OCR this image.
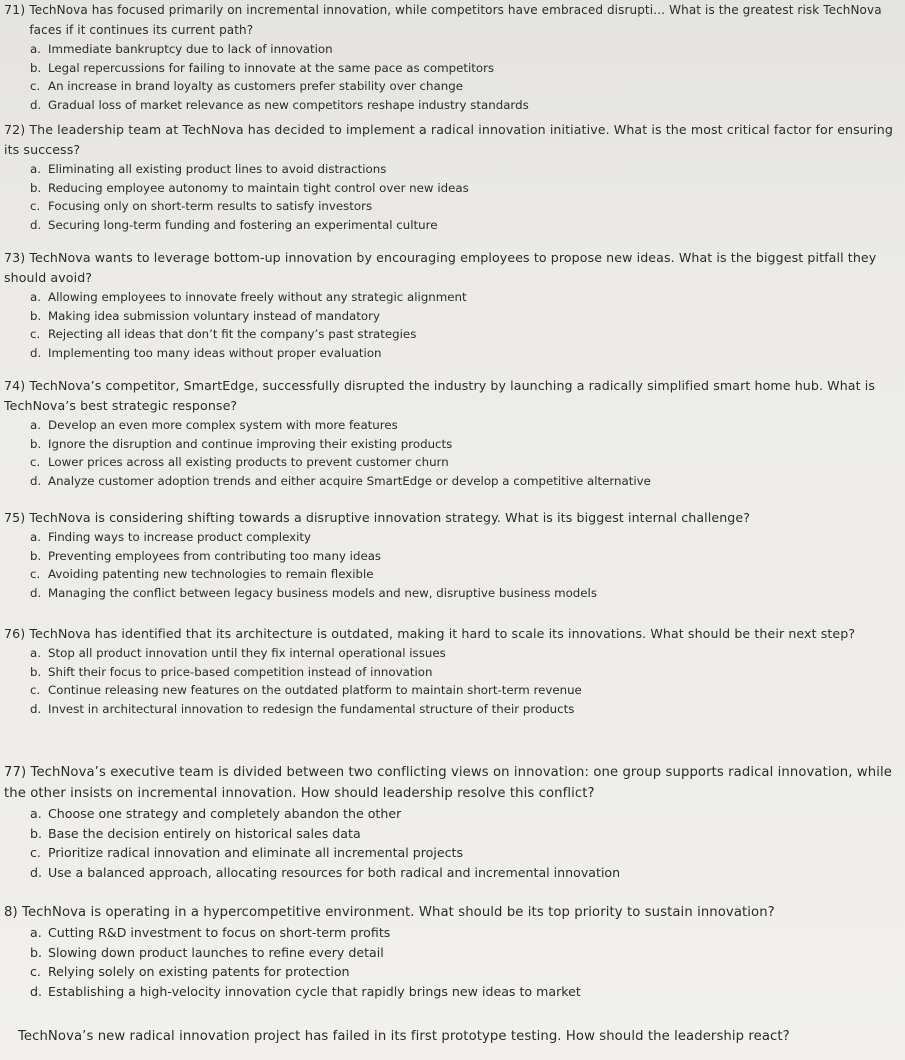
71) TechNova has focused primarily on incremental innovation, while competitors have embraced disrupti… What is the greatest risk TechNova faces if it continues its current path?
a. Immediate bankruptcy due to lack of innovation
b. Legal repercussions for failing to innovate at the same pace as competitors
c. An increase in brand loyalty as customers prefer stability over change
d. Gradual loss of market relevance as new competitors reshape industry standards
72) The leadership team at TechNova has decided to implement a radical innovation initiative. What is the most critical factor for ensuring its success?
a. Eliminating all existing product lines to avoid distractions
b. Reducing employee autonomy to maintain tight control over new ideas
c. Focusing only on short-term results to satisfy investors
d. Securing long-term funding and fostering an experimental culture
73) TechNova wants to leverage bottom-up innovation by encouraging employees to propose new ideas. What is the biggest pitfall they should avoid?
a. Allowing employees to innovate freely without any strategic alignment
b. Making idea submission voluntary instead of mandatory
c. Rejecting all ideas that don’t fit the company’s past strategies
d. Implementing too many ideas without proper evaluation
74) TechNova’s competitor, SmartEdge, successfully disrupted the industry by launching a radically simplified smart home hub. What is TechNova’s best strategic response?
a. Develop an even more complex system with more features
b. Ignore the disruption and continue improving their existing products
c. Lower prices across all existing products to prevent customer churn
d. Analyze customer adoption trends and either acquire SmartEdge or develop a competitive alternative
75) TechNova is considering shifting towards a disruptive innovation strategy. What is its biggest internal challenge?
a. Finding ways to increase product complexity
b. Preventing employees from contributing too many ideas
c. Avoiding patenting new technologies to remain flexible
d. Managing the conflict between legacy business models and new, disruptive business models
76) TechNova has identified that its architecture is outdated, making it hard to scale its innovations. What should be their next step?
a. Stop all product innovation until they fix internal operational issues
b. Shift their focus to price-based competition instead of innovation
c. Continue releasing new features on the outdated platform to maintain short-term revenue
d. Invest in architectural innovation to redesign the fundamental structure of their products
77) TechNova’s executive team is divided between two conflicting views on innovation: one group supports radical innovation, while the other insists on incremental innovation. How should leadership resolve this conflict?
a. Choose one strategy and completely abandon the other
b. Base the decision entirely on historical sales data
c. Prioritize radical innovation and eliminate all incremental projects
d. Use a balanced approach, allocating resources for both radical and incremental innovation
8) TechNova is operating in a hypercompetitive environment. What should be its top priority to sustain innovation?
a. Cutting R&D investment to focus on short-term profits
b. Slowing down product launches to refine every detail
c. Relying solely on existing patents for protection
d. Establishing a high-velocity innovation cycle that rapidly brings new ideas to market
TechNova’s new radical innovation project has failed in its first prototype testing. How should the leadership react?
